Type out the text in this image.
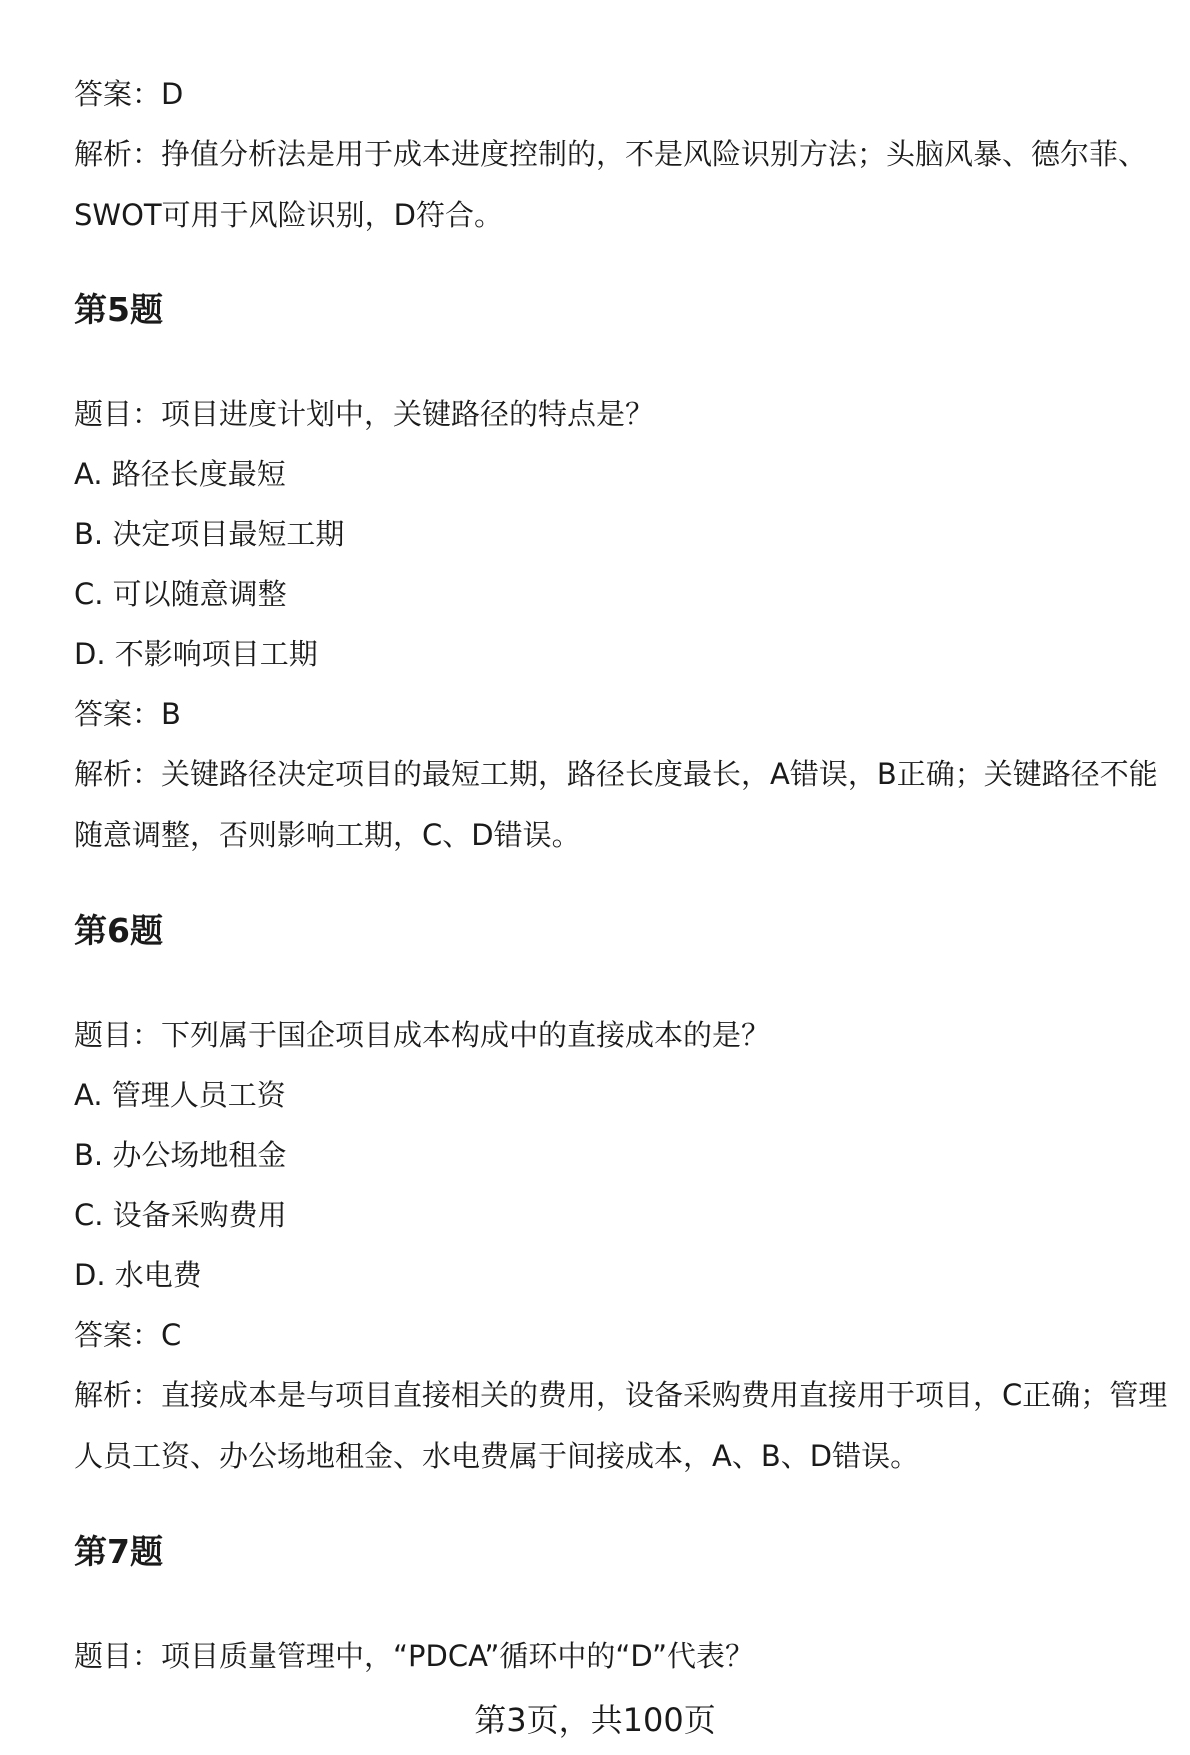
答案：D
解析：挣值分析法是用于成本进度控制的，不是风险识别方法；头脑风暴、德尔菲、SWOT可用于风险识别，D符合。
第5题
题目：项目进度计划中，关键路径的特点是？
A. 路径长度最短
B. 决定项目最短工期
C. 可以随意调整
D. 不影响项目工期
答案：B
解析：关键路径决定项目的最短工期，路径长度最长，A错误，B正确；关键路径不能随意调整，否则影响工期，C、D错误。
第6题
题目：下列属于国企项目成本构成中的直接成本的是？
A. 管理人员工资
B. 办公场地租金
C. 设备采购费用
D. 水电费
答案：C
解析：直接成本是与项目直接相关的费用，设备采购费用直接用于项目，C正确；管理人员工资、办公场地租金、水电费属于间接成本，A、B、D错误。
第7题
题目：项目质量管理中，“PDCA”循环中的“D”代表？
第3页，共100页
